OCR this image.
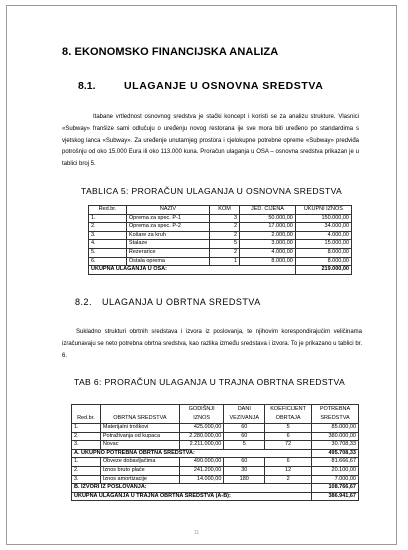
8. EKONOMSKO FINANCIJSKA ANALIZA
8.1.	ULAGANJE U OSNOVNA SREDSTVA
Itabane vrtlednost osnovnog sredstva je stački koncept i koristi se za analizu strukture. Vlasnici «Subway» franšize sami odlučuju o uređenju novog restorana ije sve mora biti uređeno po standardima s vjetskog lanca «Subway». Za uređenje unutarnjeg prostora i cjelokupne potrebne opreme «Subway» predviđa potrošnju od oko 15.000 Eura ili oko 113.000 kuna. Proračun ulaganja u OSA – osnovna sredstva prikazan je u tablici broj 5.
TABLICA 5: PRORAČUN ULAGANJA U OSNOVNA SREDSTVA
Red.br.	NAZIV	KOM	JED. CIJENA	UKUPNI IZNOS
1.	Oprema za spec. P-1	3	50.000,00	150.000,00
2.	Oprema za spec. P-2	2	17.000,00	34.000,00
3.	Košare za kruh	2	2.000,00	4.000,00
4.	Stalaze	5	3.000,00	15.000,00
5.	Rezerarice	2	4.000,00	8.000,00
6.	Ostala oprema	1	8.000,00	8.000,00
UKUPNA ULAGANJA U OSA:				219.000,00
8.2. ULAGANJA U OBRTNA SREDSTVA
Sukladno strukturi obrtnih sredstava i izvora iz poslovanja, te njihovim korespondirajućim veličinama izračunavaju se neto potrebna obrtna sredstva, kao razlika između sredstava i izvora. To je prikazano u tablici br. 6.
TAB 6: PRORAČUN ULAGANJA U TRAJNA OBRTNA SREDSTVA
		GODIŠNJI	DANI	KOEFICIJENT	POTREBNA
Red.br.	OBRTNA SREDSTVA	IZNOS	VEZIVANJA	OBRTAJA	SREDSTVA
1.	Materijalni troškovi	425.000,00	60	5	85.000,00
2.	Potraživanja od kupaca	2.280.000,00	60	6	380.000,00
3.	Novac	2.211.000,00	5	72	30.708,33
A. UKUPNO POTREBNA OBRTNA SREDSTVA:					495.708,33
1.	Obveze dobavljačima	490.000,00	60	6	81.666,67
2.	Iznos bruto plaće	241.200,00	30	12	20.100,00
3.	Iznos amortizacije	14.000,00	180	2	7.000,00
B. IZVORI IZ POSLOVANJA:					108.766,67
UKUPNA ULAGANJA U TRAJNA OBRTNA SREDSTVA (A-B):					386.941,67
11
